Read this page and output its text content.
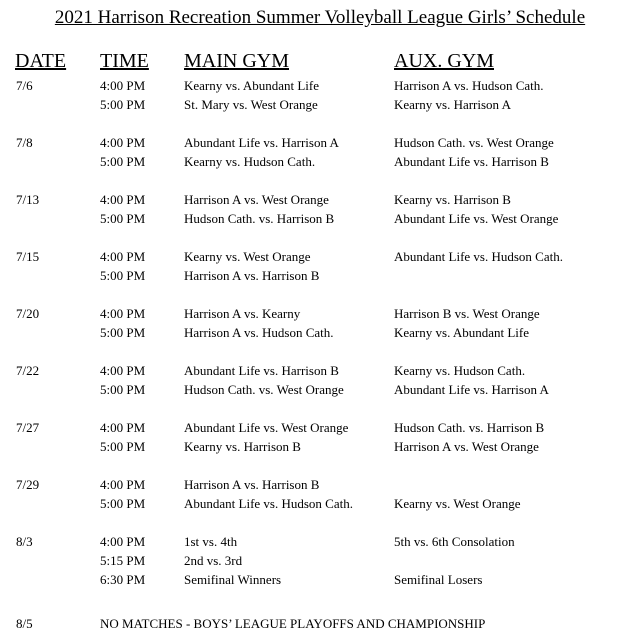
2021 Harrison Recreation Summer Volleyball League Girls’ Schedule
DATE TIME MAIN GYM	AUX. GYM
7/6	4:00 PM	Kearny vs. Abundant Life	Harrison A vs. Hudson Cath.
5:00 PM	St. Mary vs. West Orange	Kearny vs. Harrison A
7/8	4:00 PM	Abundant Life vs. Harrison A	Hudson Cath. vs. West Orange
5:00 PM	Kearny vs. Hudson Cath.	Abundant Life vs. Harrison B
7/13	4:00 PM	Harrison A vs. West Orange	Kearny vs. Harrison B
5:00 PM	Hudson Cath. vs. Harrison B	Abundant Life vs. West Orange
7/15	4:00 PM	Kearny vs. West Orange	Abundant Life vs. Hudson Cath.
5:00 PM	Harrison A vs. Harrison B
7/20	4:00 PM	Harrison A vs. Kearny	Harrison B vs. West Orange
5:00 PM	Harrison A vs. Hudson Cath.	Kearny vs. Abundant Life
7/22	4:00 PM	Abundant Life vs. Harrison B	Kearny vs. Hudson Cath.
5:00 PM	Hudson Cath. vs. West Orange	Abundant Life vs. Harrison A
7/27	4:00 PM	Abundant Life vs. West Orange	Hudson Cath. vs. Harrison B
5:00 PM	Kearny vs. Harrison B	Harrison A vs. West Orange
7/29	4:00 PM	Harrison A vs. Harrison B
5:00 PM	Abundant Life vs. Hudson Cath.	Kearny vs. West Orange
8/3	4:00 PM	1st vs. 4th	5th vs. 6th Consolation
5:15 PM	2nd vs. 3rd
6:30 PM	Semifinal Winners	Semifinal Losers
8/5	NO MATCHES - BOYS’ LEAGUE PLAYOFFS AND CHAMPIONSHIP
